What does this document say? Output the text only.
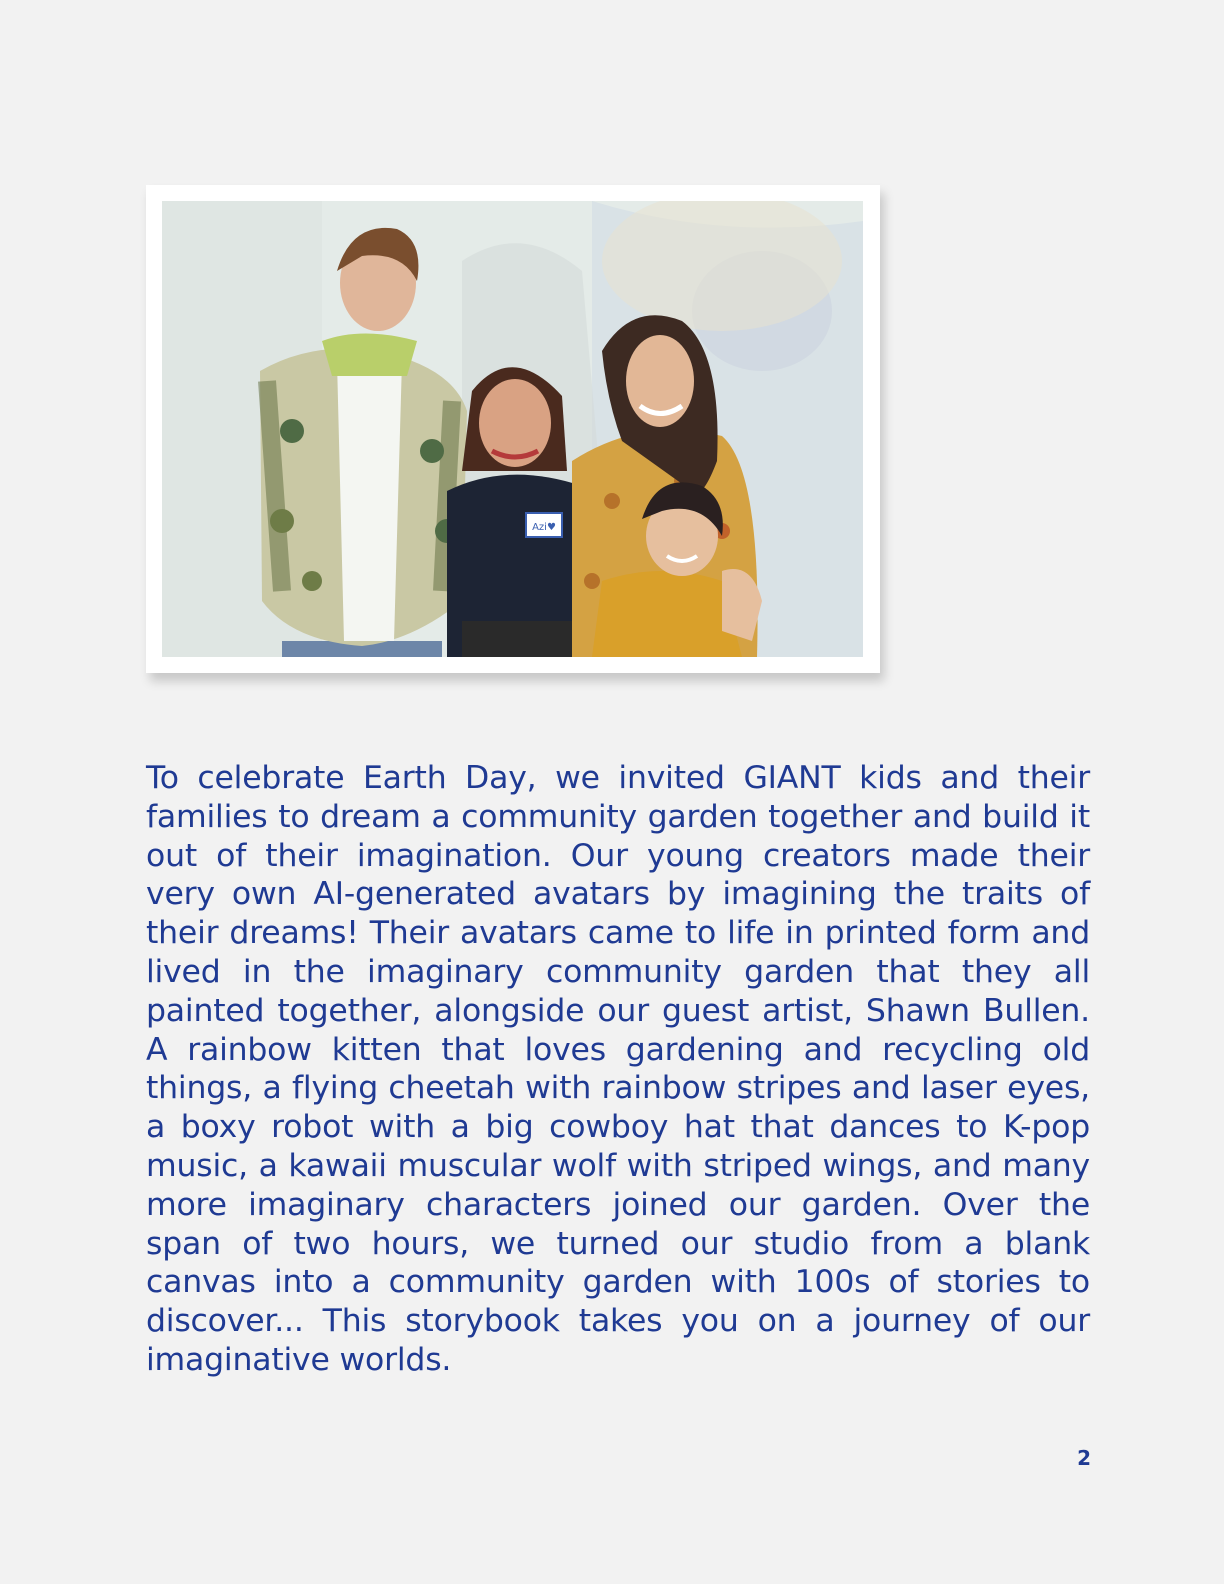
Azi♥

To celebrate Earth Day, we invited GIANT kids and their families to dream a community garden together and build it out of their imagination. Our young creators made their very own AI-generated avatars by imagining the traits of their dreams! Their avatars came to life in printed form and lived in the imaginary community garden that they all painted together, alongside our guest artist, Shawn Bullen. A rainbow kitten that loves gardening and recycling old things, a flying cheetah with rainbow stripes and laser eyes, a boxy robot with a big cowboy hat that dances to K-pop music, a kawaii muscular wolf with striped wings, and many more imaginary characters joined our garden. Over the span of two hours, we turned our studio from a blank canvas into a community garden with 100s of stories to discover... This storybook takes you on a journey of our imaginative worlds.

2
